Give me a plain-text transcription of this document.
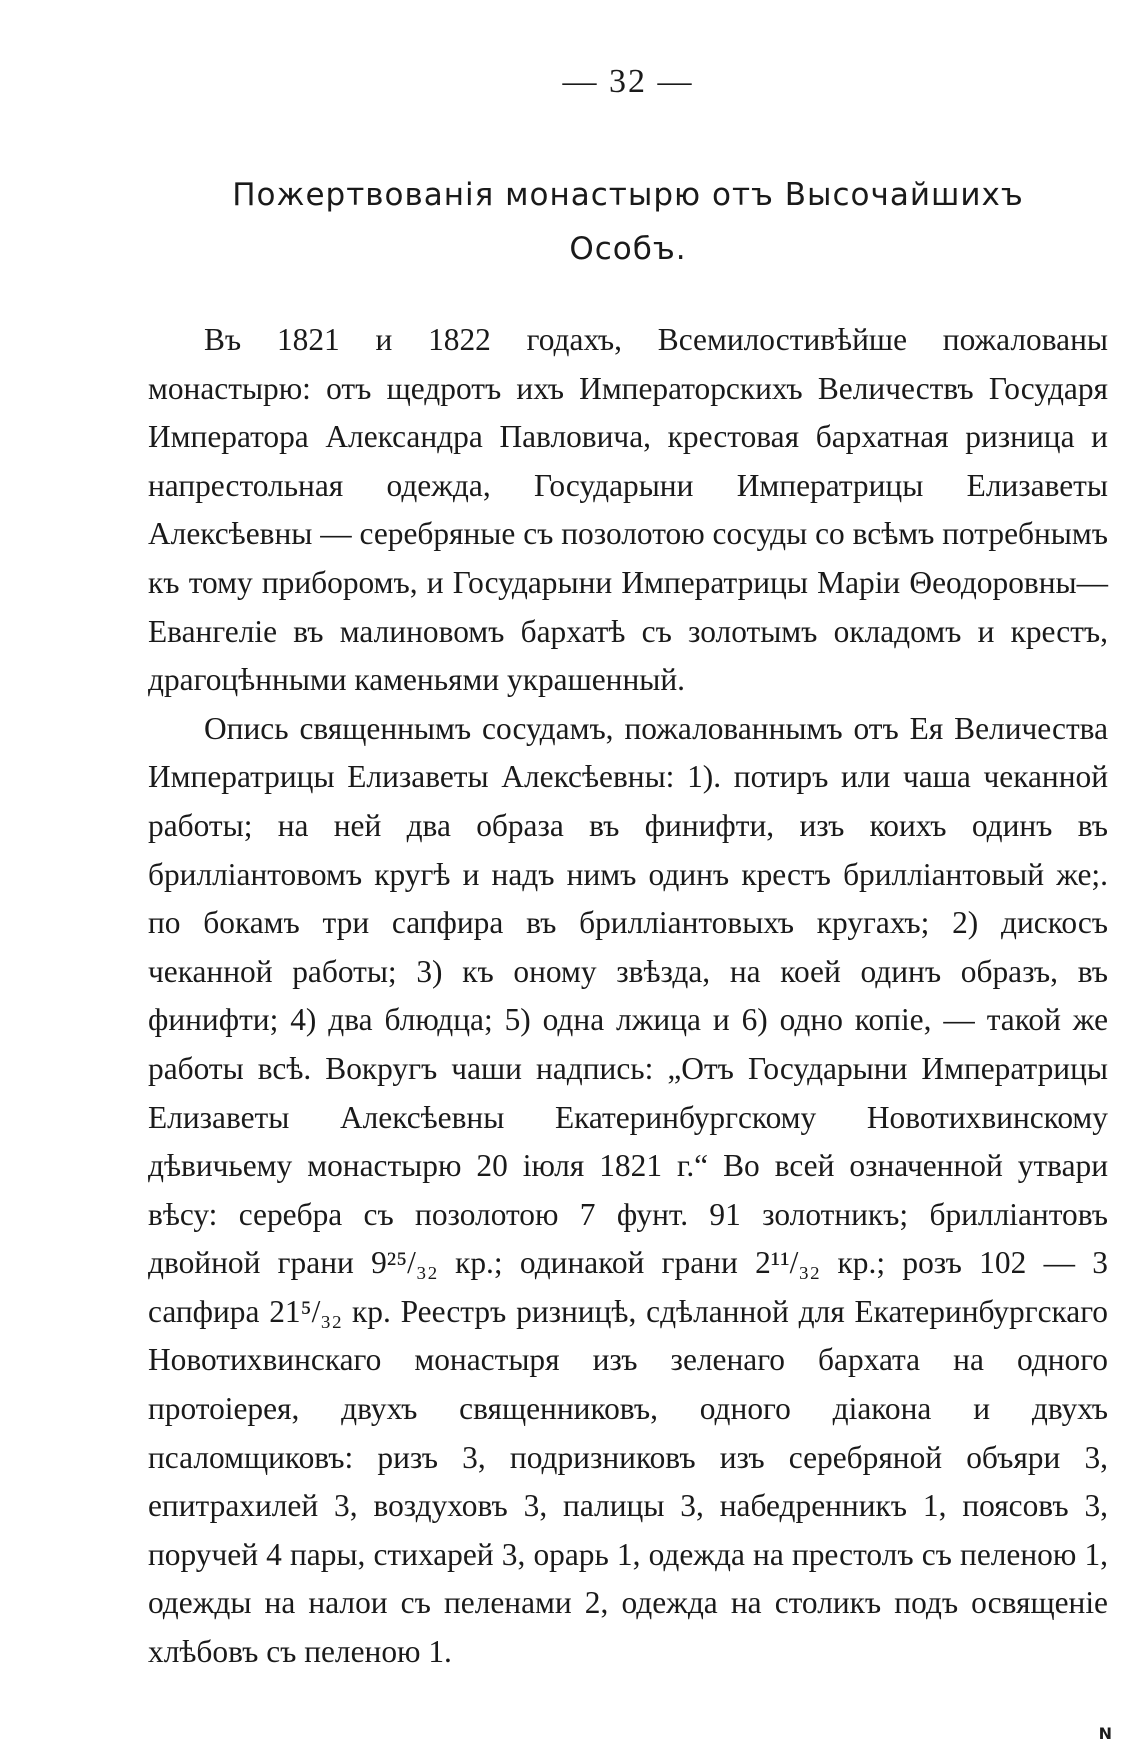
— 32 —
Пожертвованія монастырю отъ Высочайшихъ
Особъ.

Въ 1821 и 1822 годахъ, Всемилостивѣйше пожалованы монастырю: отъ щедротъ ихъ Императорскихъ Величествъ Государя Императора Александра Павловича, крестовая бархатная ризница и напрестольная одежда, Государыни Императрицы Елизаветы Алексѣевны — серебряные съ позолотою сосуды со всѣмъ потребнымъ къ тому приборомъ, и Государыни Императрицы Маріи Θеодоровны—Евангеліе въ малиновомъ бархатѣ съ золотымъ окладомъ и крестъ, драгоцѣнными каменьями украшенный.

Опись священнымъ сосудамъ, пожалованнымъ отъ Ея Величества Императрицы Елизаветы Алексѣевны: 1). потиръ или чаша чеканной работы; на ней два образа въ финифти, изъ коихъ одинъ въ брилліантовомъ кругѣ и надъ нимъ одинъ крестъ брилліантовый же;. по бокамъ три сапфира въ брилліантовыхъ кругахъ; 2) дискосъ чеканной работы; 3) къ оному звѣзда, на коей одинъ образъ, въ финифти; 4) два блюдца; 5) одна лжица и 6) одно копіе, — такой же работы всѣ. Вокругъ чаши надпись: „Отъ Государыни Императрицы Елизаветы Алексѣевны Екатеринбургскому Новотихвинскому дѣвичьему монастырю 20 іюля 1821 г.“ Во всей означенной утвари вѣсу: серебра съ позолотою 7 фунт. 91 золотникъ; брилліантовъ двойной грани 9²⁵/₃₂ кр.; одинакой грани 2¹¹/₃₂ кр.; розъ 102 — 3 сапфира 21⁵/₃₂ кр. Реестръ ризницѣ, сдѣланной для Екатеринбургскаго Новотихвинскаго монастыря изъ зеленаго бархата на одного протоіерея, двухъ священниковъ, одного діакона и двухъ псаломщиковъ: ризъ 3, подризниковъ изъ серебряной объяри 3, епитрахилей 3, воздуховъ 3, палицы 3, набедренникъ 1, поясовъ 3, поручей 4 пары, стихарей 3, орарь 1, одежда на престолъ съ пеленою 1, одежды на налои съ пеленами 2, одежда на столикъ подъ освященіе хлѣбовъ съ пеленою 1.

N
